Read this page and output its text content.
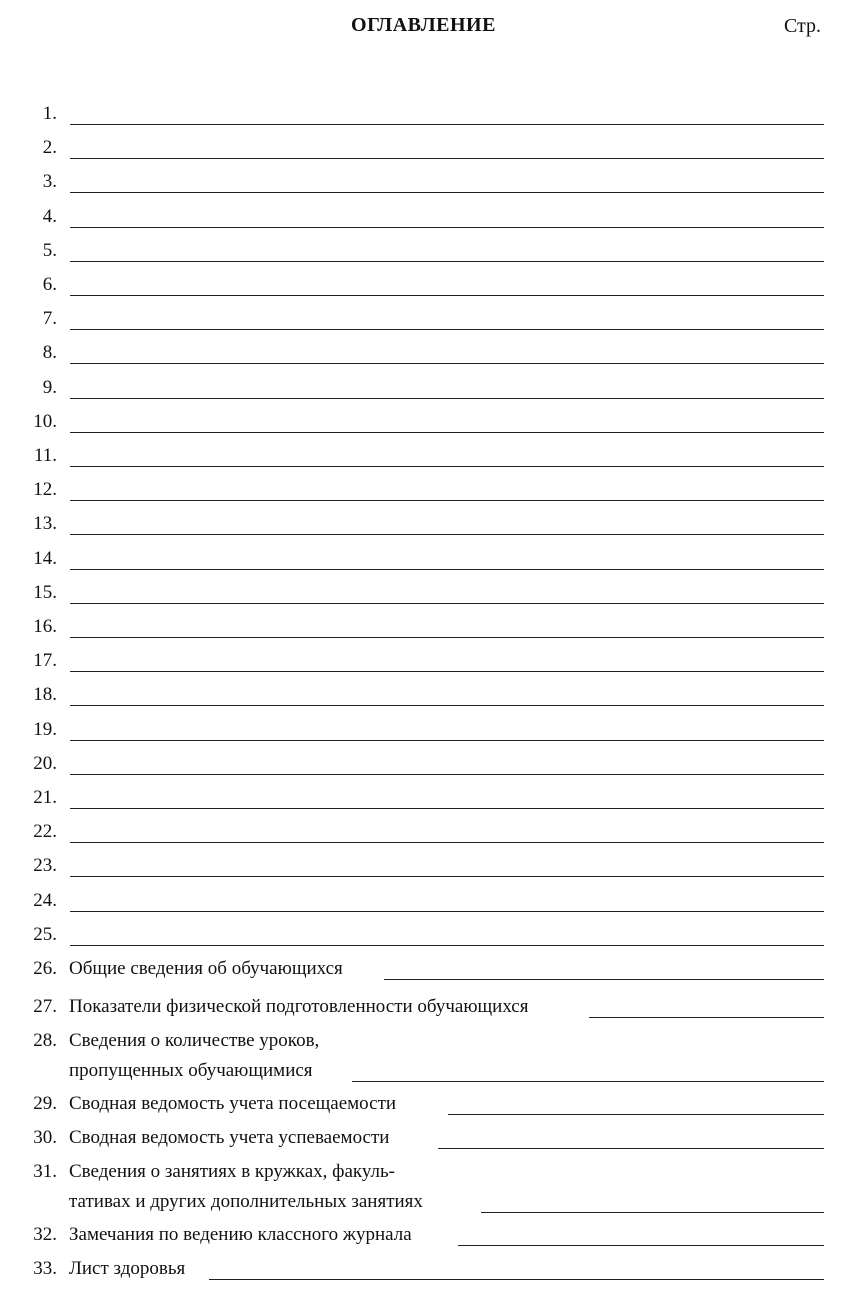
ОГЛАВЛЕНИЕ	Стр.
1.
2.
3.
4.
5.
6.
7.
8.
9.
10.
11.
12.
13.
14.
15.
16.
17.
18.
19.
20.
21.
22.
23.
24.
25.
26. Общие сведения об обучающихся
27. Показатели физической подготовленности обучающихся
28. Сведения о количестве уроков,
пропущенных обучающимися
29. Сводная ведомость учета посещаемости
30. Сводная ведомость учета успеваемости
31. Сведения о занятиях в кружках, факуль-
тативах и других дополнительных занятиях
32. Замечания по ведению классного журнала
33. Лист здоровья
